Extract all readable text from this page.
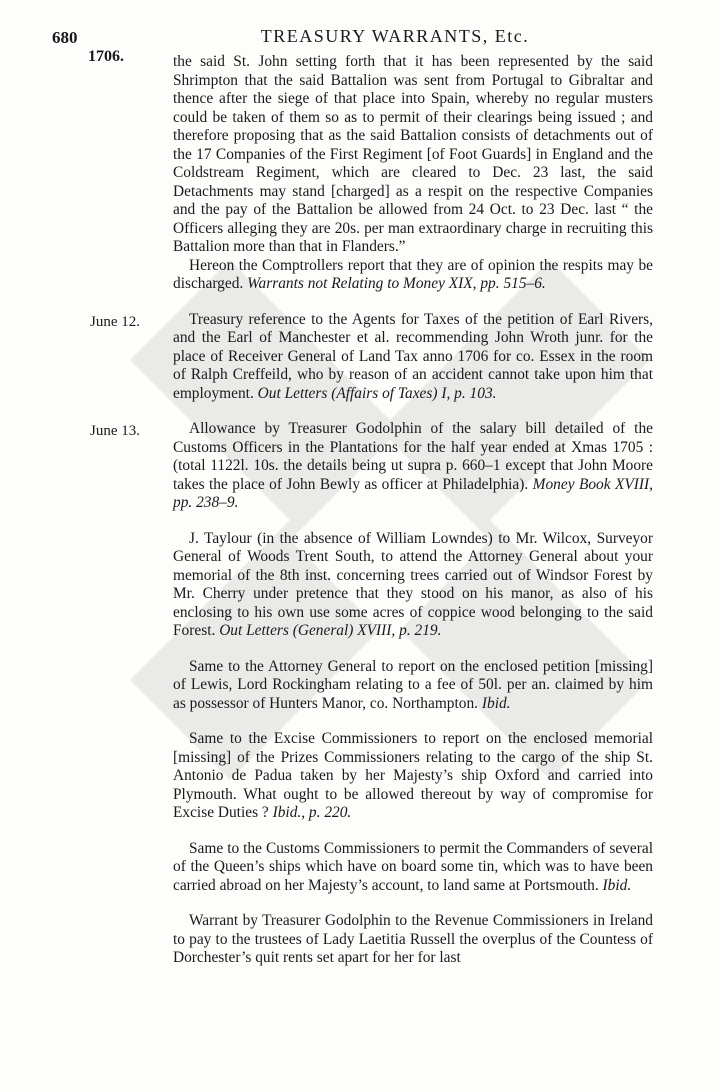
680	TREASURY WARRANTS, Etc.
1706.	the said St. John setting forth that it has been represented by the said Shrimpton that the said Battalion was sent from Portugal to Gibraltar and thence after the siege of that place into Spain, whereby no regular musters could be taken of them so as to permit of their clearings being issued ; and therefore proposing that as the said Battalion consists of detachments out of the 17 Companies of the First Regiment [of Foot Guards] in England and the Coldstream Regiment, which are cleared to Dec. 23 last, the said Detachments may stand [charged] as a respit on the respective Companies and the pay of the Battalion be allowed from 24 Oct. to 23 Dec. last “ the Officers alleging they are 20s. per man extraordinary charge in recruiting this Battalion more than that in Flanders.”

Hereon the Comptrollers report that they are of opinion the respits may be discharged. Warrants not Relating to Money XIX, pp. 515–6.

June 12.	Treasury reference to the Agents for Taxes of the petition of Earl Rivers, and the Earl of Manchester et al. recommending John Wroth junr. for the place of Receiver General of Land Tax anno 1706 for co. Essex in the room of Ralph Creffeild, who by reason of an accident cannot take upon him that employment. Out Letters (Affairs of Taxes) I, p. 103.

June 13.	Allowance by Treasurer Godolphin of the salary bill detailed of the Customs Officers in the Plantations for the half year ended at Xmas 1705 : (total 1122l. 10s. the details being ut supra p. 660–1 except that John Moore takes the place of John Bewly as officer at Philadelphia). Money Book XVIII, pp. 238–9.

J. Taylour (in the absence of William Lowndes) to Mr. Wilcox, Surveyor General of Woods Trent South, to attend the Attorney General about your memorial of the 8th inst. concerning trees carried out of Windsor Forest by Mr. Cherry under pretence that they stood on his manor, as also of his enclosing to his own use some acres of coppice wood belonging to the said Forest. Out Letters (General) XVIII, p. 219.

Same to the Attorney General to report on the enclosed petition [missing] of Lewis, Lord Rockingham relating to a fee of 50l. per an. claimed by him as possessor of Hunters Manor, co. Northampton. Ibid.

Same to the Excise Commissioners to report on the enclosed memorial [missing] of the Prizes Commissioners relating to the cargo of the ship St. Antonio de Padua taken by her Majesty’s ship Oxford and carried into Plymouth. What ought to be allowed thereout by way of compromise for Excise Duties ? Ibid., p. 220.

Same to the Customs Commissioners to permit the Commanders of several of the Queen’s ships which have on board some tin, which was to have been carried abroad on her Majesty’s account, to land same at Portsmouth. Ibid.

Warrant by Treasurer Godolphin to the Revenue Commissioners in Ireland to pay to the trustees of Lady Laetitia Russell the overplus of the Countess of Dorchester’s quit rents set apart for her for last
